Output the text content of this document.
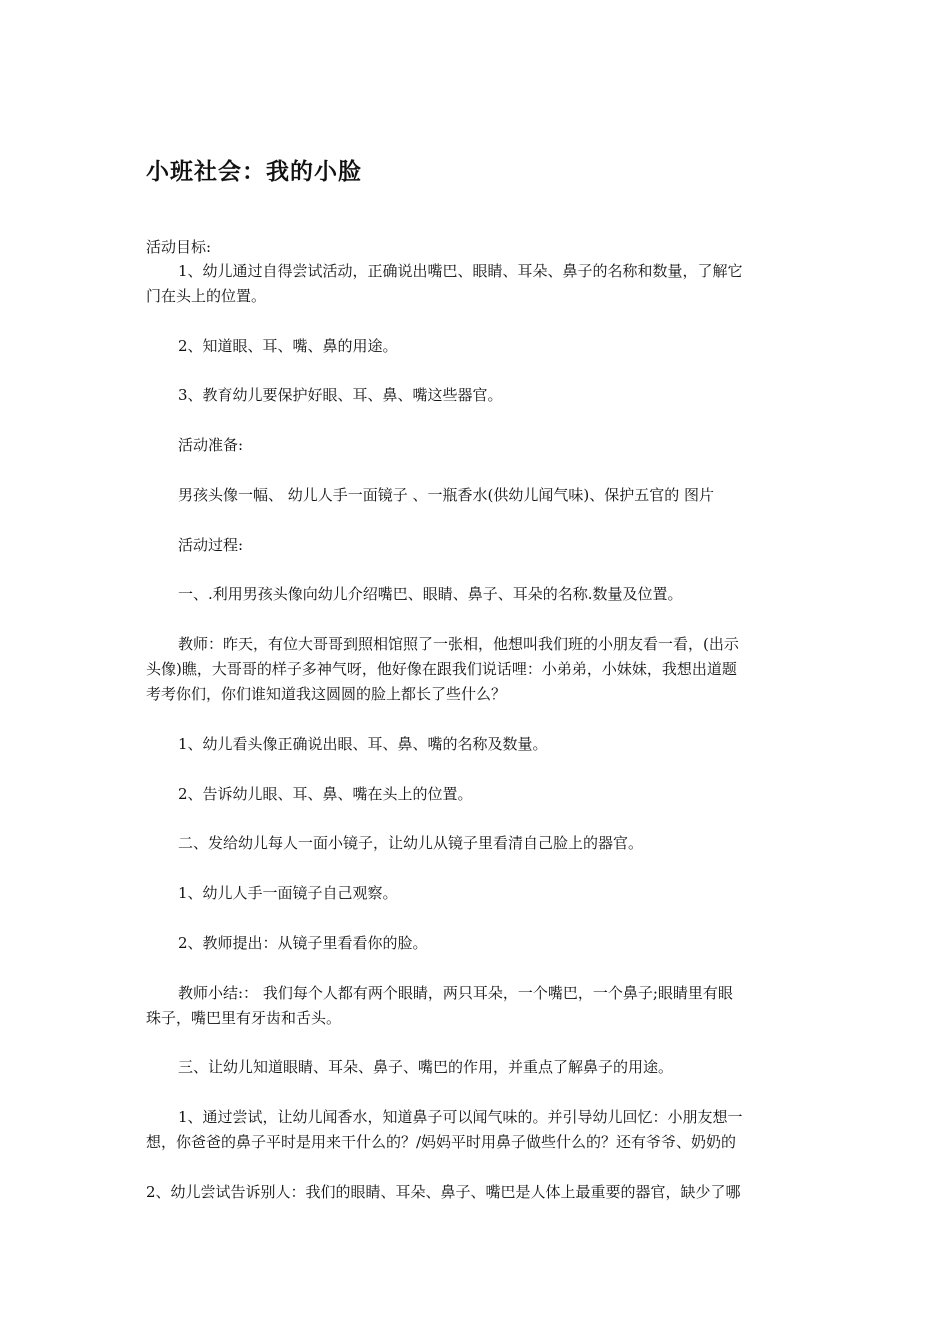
小班社会：我的小脸

活动目标:

1、幼儿通过自得尝试活动，正确说出嘴巴、眼睛、耳朵、鼻子的名称和数量，了解它

门在头上的位置。

2、知道眼、耳、嘴、鼻的用途。

3、教育幼儿要保护好眼、耳、鼻、嘴这些器官。

活动准备:

男孩头像一幅、 幼儿人手一面镜子 、一瓶香水(供幼儿闻气味)、保护五官的 图片

活动过程:

一、.利用男孩头像向幼儿介绍嘴巴、眼睛、鼻子、耳朵的名称.数量及位置。

教师：昨天，有位大哥哥到照相馆照了一张相，他想叫我们班的小朋友看一看，(出示

头像)瞧，大哥哥的样子多神气呀，他好像在跟我们说话哩：小弟弟，小妹妹，我想出道题

考考你们，你们谁知道我这圆圆的脸上都长了些什么？

1、幼儿看头像正确说出眼、耳、鼻、嘴的名称及数量。

2、告诉幼儿眼、耳、鼻、嘴在头上的位置。

二、发给幼儿每人一面小镜子，让幼儿从镜子里看清自己脸上的器官。

1、幼儿人手一面镜子自己观察。

2、教师提出：从镜子里看看你的脸。

教师小结:： 我们每个人都有两个眼睛，两只耳朵，一个嘴巴，一个鼻子;眼睛里有眼

珠子，嘴巴里有牙齿和舌头。

三、让幼儿知道眼睛、耳朵、鼻子、嘴巴的作用，并重点了解鼻子的用途。

1、通过尝试，让幼儿闻香水，知道鼻子可以闻气味的。并引导幼儿回忆：小朋友想一

想，你爸爸的鼻子平时是用来干什么的？/妈妈平时用鼻子做些什么的？还有爷爷、奶奶的

2、幼儿尝试告诉别人：我们的眼睛、耳朵、鼻子、嘴巴是人体上最重要的器官，缺少了哪
